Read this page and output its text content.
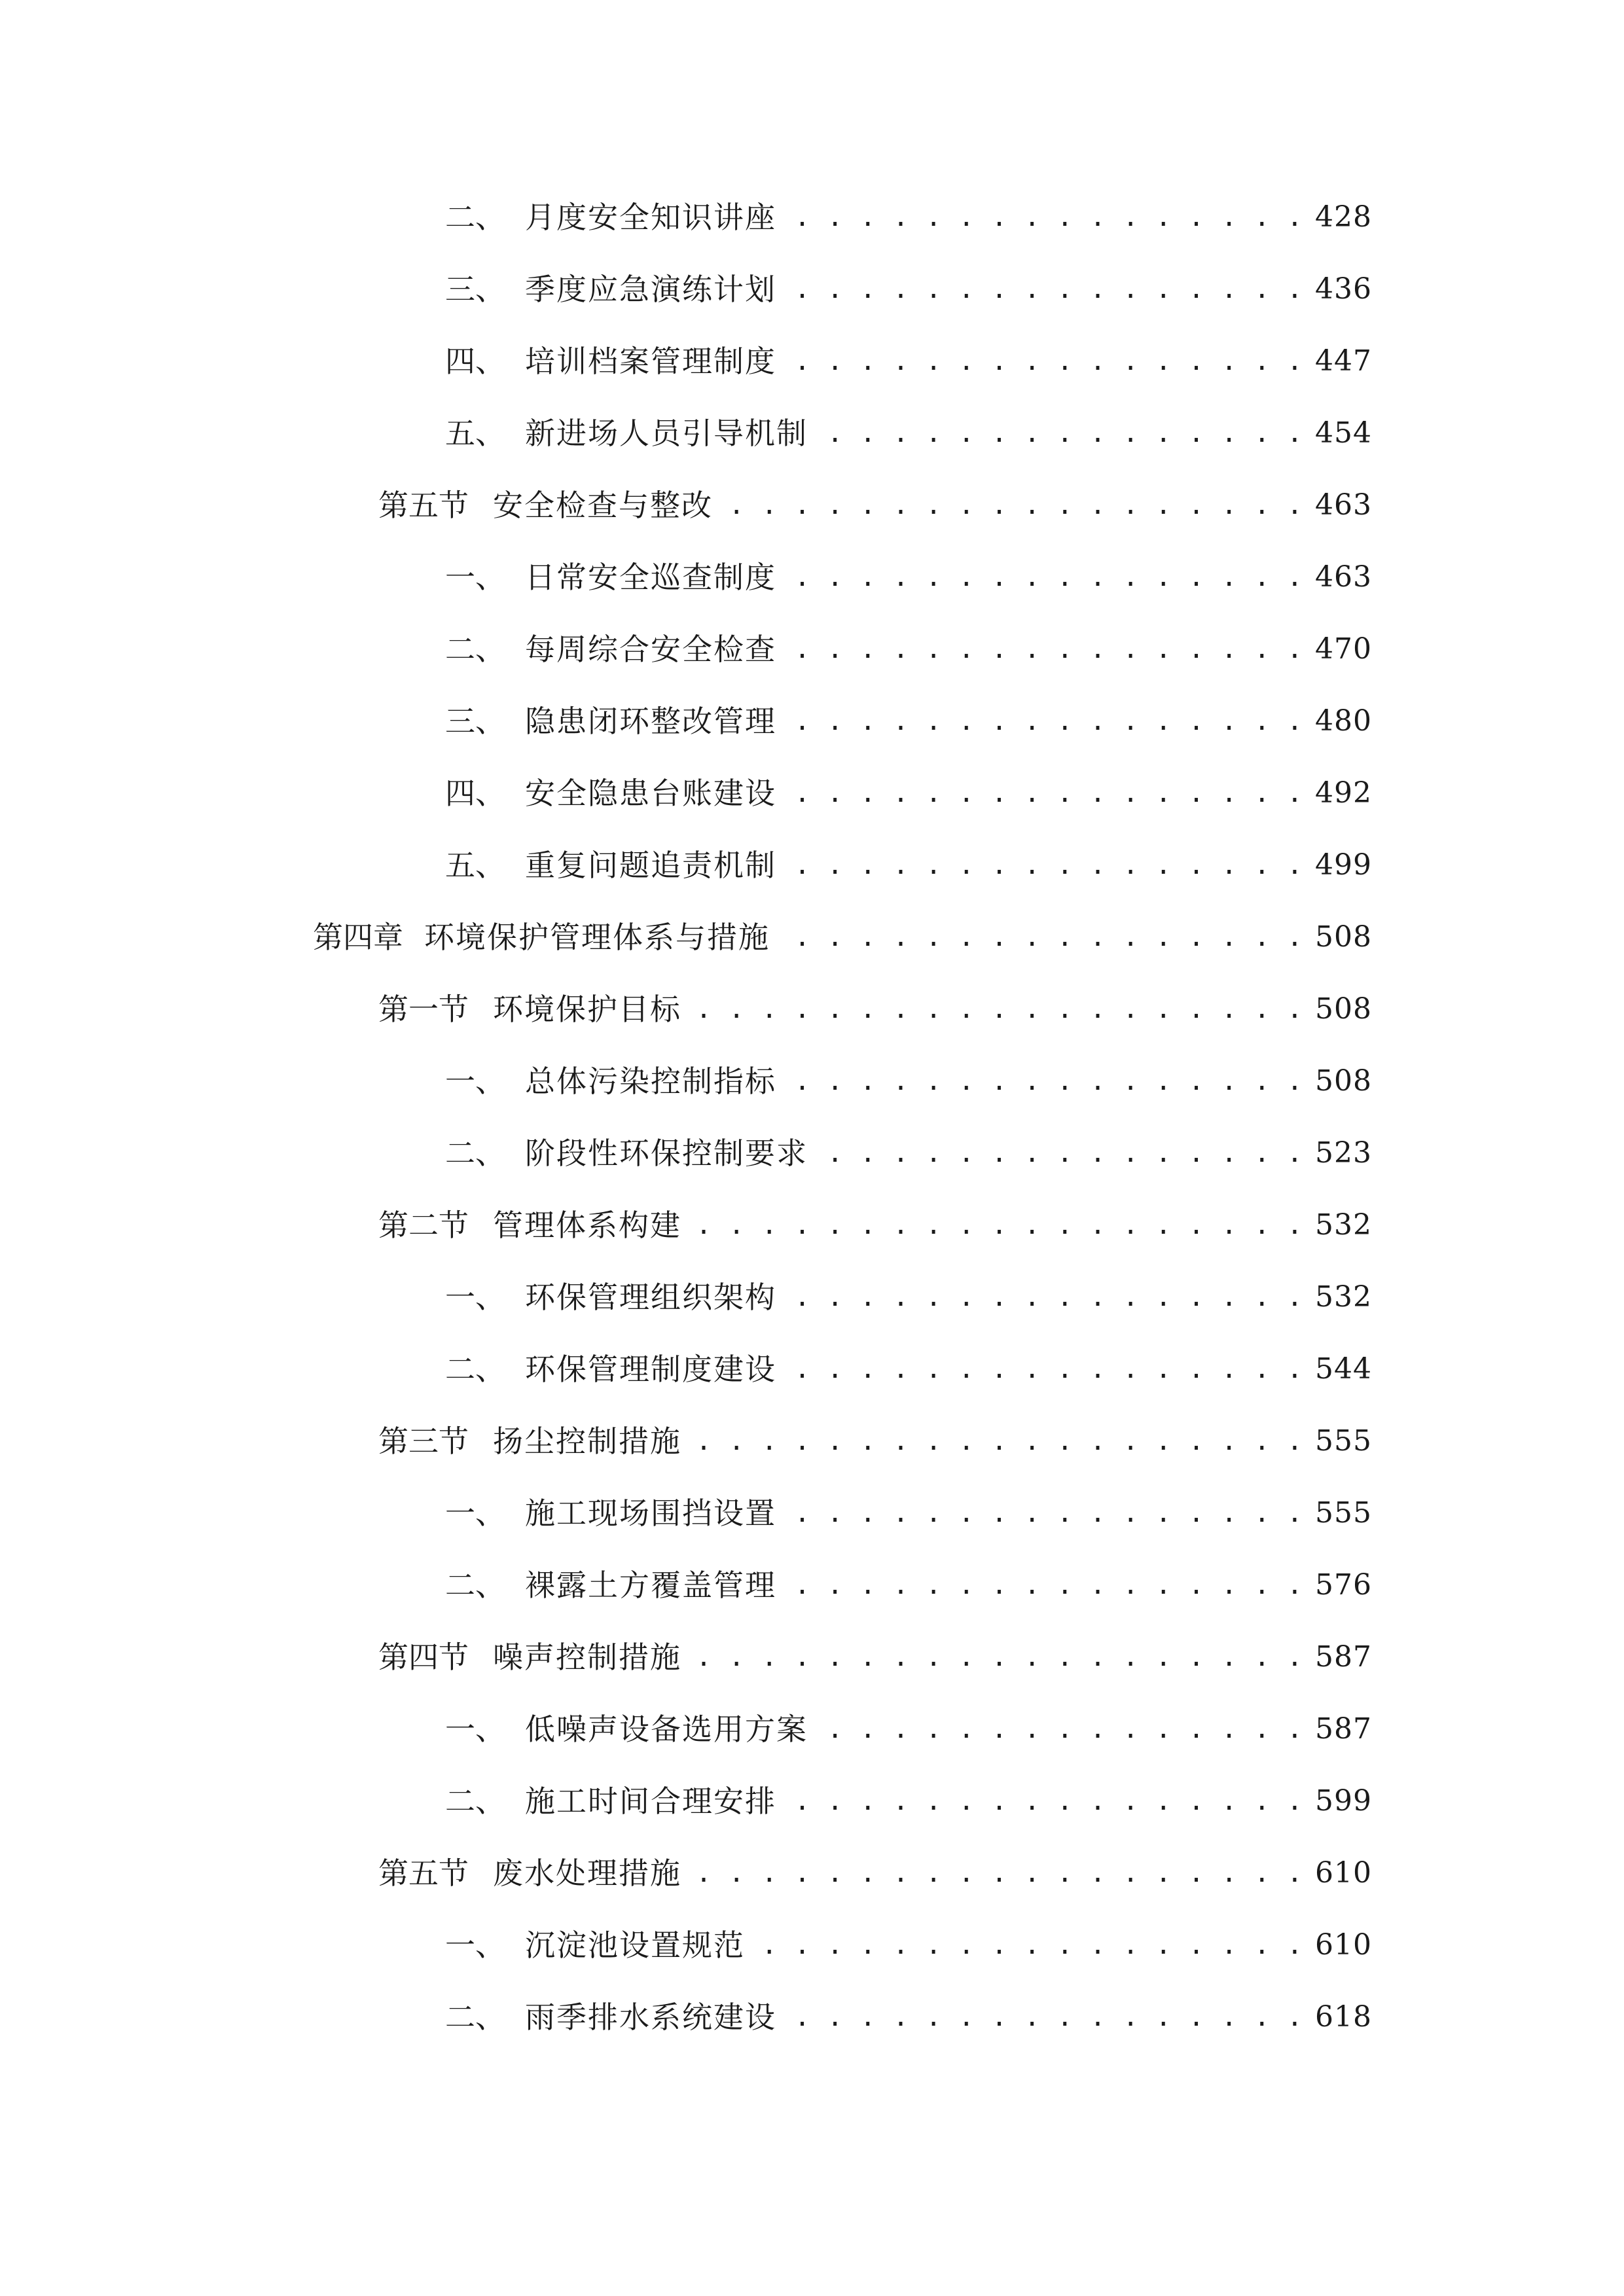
二、 月度安全知识讲座 . . .	428
三、 季度应急演练计划 . . .	436
四、 培训档案管理制度 . . .	447
五、 新进场人员引导机制 . . .	454
第五节 安全检查与整改 . . .	463
一、 日常安全巡查制度 . . .	463
二、 每周综合安全检查 . . .	470
三、 隐患闭环整改管理 . . .	480
四、 安全隐患台账建设 . . .	492
五、 重复问题追责机制 . . .	499
第四章 环境保护管理体系与措施 . . .	508
第一节 环境保护目标 . . .	508
一、 总体污染控制指标 . . .	508
二、 阶段性环保控制要求 . . .	523
第二节 管理体系构建 . . .	532
一、 环保管理组织架构 . . .	532
二、 环保管理制度建设 . . .	544
第三节 扬尘控制措施 . . .	555
一、 施工现场围挡设置 . . .	555
二、 裸露土方覆盖管理 . . .	576
第四节 噪声控制措施 . . .	587
一、 低噪声设备选用方案 . . .	587
二、 施工时间合理安排 . . .	599
第五节 废水处理措施 . . .	610
一、 沉淀池设置规范 . . .	610
二、 雨季排水系统建设 . . .	618
